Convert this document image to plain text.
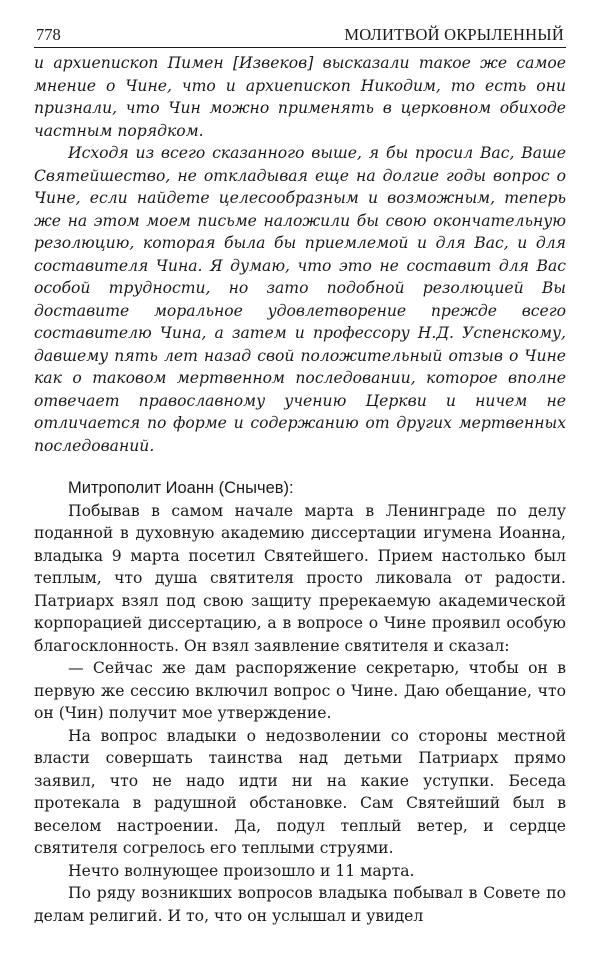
778	МОЛИТВОЙ ОКРЫЛЕННЫЙ

и архиепископ Пимен [Извеков] высказали такое же самое мнение о Чине, что и архиепископ Никодим, то есть они признали, что Чин можно применять в церковном обиходе частным порядком.

Исходя из всего сказанного выше, я бы просил Вас, Ваше Святейшество, не откладывая еще на долгие годы вопрос о Чине, если найдете целесообразным и возможным, теперь же на этом моем письме наложили бы свою окончательную резолюцию, которая была бы приемлемой и для Вас, и для составителя Чина. Я думаю, что это не составит для Вас особой трудности, но зато подобной резолюцией Вы доставите моральное удовлетворение прежде всего составителю Чина, а затем и профессору Н.Д. Успенскому, давшему пять лет назад свой положительный отзыв о Чине как о таковом мертвенном последовании, которое вполне отвечает православному учению Церкви и ничем не отличается по форме и содержанию от других мертвенных последований.

Митрополит Иоанн (Снычев):

Побывав в самом начале марта в Ленинграде по делу поданной в духовную академию диссертации игумена Иоанна, владыка 9 марта посетил Святейшего. Прием настолько был теплым, что душа святителя просто ликовала от радости. Патриарх взял под свою защиту пререкаемую академической корпорацией диссертацию, а в вопросе о Чине проявил особую благосклонность. Он взял заявление святителя и сказал:

— Сейчас же дам распоряжение секретарю, чтобы он в первую же сессию включил вопрос о Чине. Даю обещание, что он (Чин) получит мое утверждение.

На вопрос владыки о недозволении со стороны местной власти совершать таинства над детьми Патриарх прямо заявил, что не надо идти ни на какие уступки. Беседа протекала в радушной обстановке. Сам Святейший был в веселом настроении. Да, подул теплый ветер, и сердце святителя согрелось его теплыми струями.

Нечто волнующее произошло и 11 марта.

По ряду возникших вопросов владыка побывал в Совете по делам религий. И то, что он услышал и увидел
